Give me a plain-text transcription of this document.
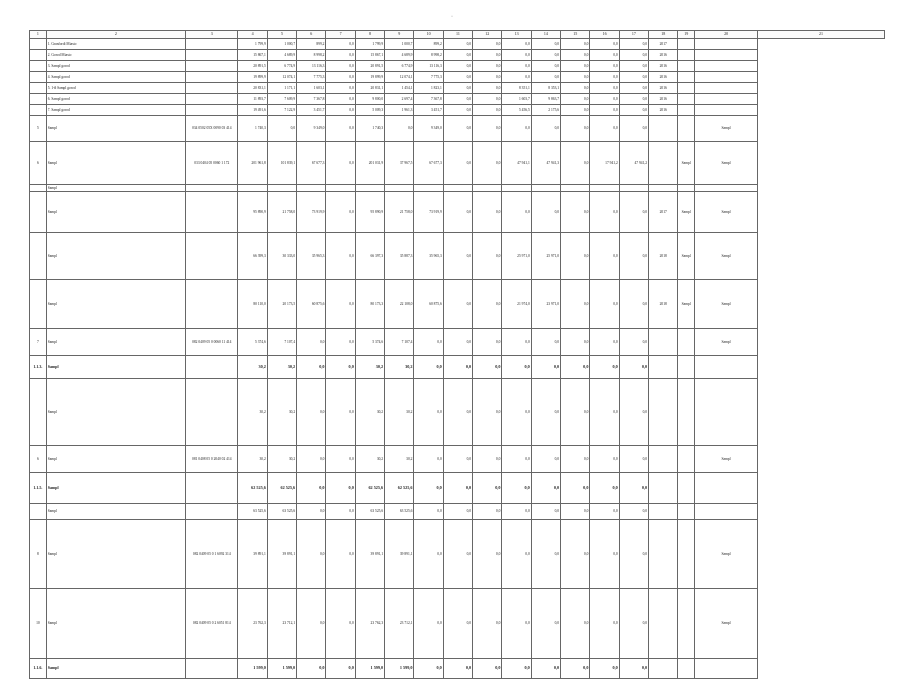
·
1	2	3	4	5	6	7	8	9	10	11	12	13	14	15	16	17	18	19	20	21
	1. Granfordі Miasto		1 799,9	1 000,7	899,2	0,0	1 799,9	1 000,7	899,2	0,0	0,0	0,0	0,0	0,0	0,0	0,0	2017			
	2. Gorod Miasto		15 867,1	4 689,9	8 998,2	0,0	15 867,1	4 689,9	8 998,2	0,0	0,0	0,0	0,0	0,0	0,0	0,0	2016			
	3. Sampl gorod		20 891,5	6 774,9	13 116,3	0,0	20 891,5	6 774,9	13 116,3	0,0	0,0	0,0	0,0	0,0	0,0	0,0	2016			
	4. Sampl gorod		19 899,9	12 074,1	7 775,3	0,0	19 899,9	12 074,1	7 775,3	0,0	0,0	0,0	0,0	0,0	0,0	0,0	2016			
	5. 1-й Sampl gorod		20 831,1	1 171,1	1 603,1	0,0	20 831,1	1 454,1	1 823,1	0,0	0,0	8 351,1	8 353,1	0,0	0,0	0,0	2016			
	6. Sampl gorod		11 893,7	7 609,9	7 367,8	0,0	9 800,0	2 697,4	7 367,8	0,0	0,0	1 603,7	9 863,7	0,0	0,0	0,0	2016			
	7. Sampl gorod		19 491,6	7 122,9	3 451,7	0,0	5 009,3	1 961,3	3 451,7	0,0	0,0	5 456,5	2 175,6	0,0	0,0	0,0	2016			
5	Sampl	034 0502 05X 0090 03 414	1 740,3	0,0	9 349,0	0,0	1 740,3	0,0	9 349,0	0,0	0,0	0,0	0,0	0,0	0,0	0,0			Sampl	
6	Sampl	033 0404 05 0060 1 172	201 961,8	101 839,1	67 677,3	0,0	201 031,9	37 967,5	67 677,3	0,0	0,0	47 941,1	47 941,3	0,0	17 941,2	47 941,2		Sampl	Sampl	
	Sampl																			
	Sampl		95 890,9	21 758,0	73 919,9	0,0	95 890,9	21 758,0	73 919,9	0,0	0,0	0,0	0,0	0,0	0,0	0,0	2017	Sampl	Sampl	
	Sampl		66 399,3	30 333,0	35 965,3	0,0	66 397,3	35 887,3	35 965,3	0,0	0,0	25 971,0	25 971,0	0,0	0,0	0,0	2018	Sampl	Sampl	
	Sampl		80 110,0	20 173,5	60 875,6	0,0	80 173,3	22 108,0	60 875,6	0,0	0,0	21 974,0	23 971,0	0,0	0,0	0,0	2018	Sampl	Sampl	
7	Sampl	082 0409 05 0 0060 11 414	5 374,6	7 107,4	0,0	0,0	5 374,6	7 107,4	0,0	0,0	0,0	0,0	0,0	0,0	0,0	0,0			Sampl	
1.1.3.	Sampl		30,2	30,2	0,0	0,0	30,2	30,2	0,0	0,0	0,0	0,0	0,0	0,0	0,0	0,0				
	Sampl		30,2	30,2	0,0	0,0	30,2	30,2	0,0	0,0	0,0	0,0	0,0	0,0	0,0	0,0				
6	Sampl	081 0408 05 0 2040 02 414	30,2	30,2	0,0	0,0	30,2	30,2	0,0	0,0	0,0	0,0	0,0	0,0	0,0	0,0			Sampl	
1.1.5.	Sampl		62 525,6	62 525,6	0,0	0,0	62 525,6	62 525,6	0,0	0,0	0,0	0,0	0,0	0,0	0,0	0,0				
	Sampl		63 525,6	63 525,6	0,0	0,0	63 525,6	63 525,6	0,0	0,0	0,0	0,0	0,0	0,0	0,0	0,0				
8	Sampl	082 0409 05 0 1 6092 314	39 891,1	39 891,1	0,0	0,0	39 891,1	39 891,1	0,0	0,0	0,0	0,0	0,0	0,0	0,0	0,0			Sampl	
10	Sampl	082 0409 05 0 2 6051 814	23 762,3	23 712,1	0,0	0,0	23 762,3	23 712,1	0,0	0,0	0,0	0,0	0,0	0,0	0,0	0,0			Sampl	
1.1.6.	Sampl		1 599,0	1 599,0	0,0	0,0	1 599,0	1 599,0	0,0	0,0	0,0	0,0	0,0	0,0	0,0	0,0				
